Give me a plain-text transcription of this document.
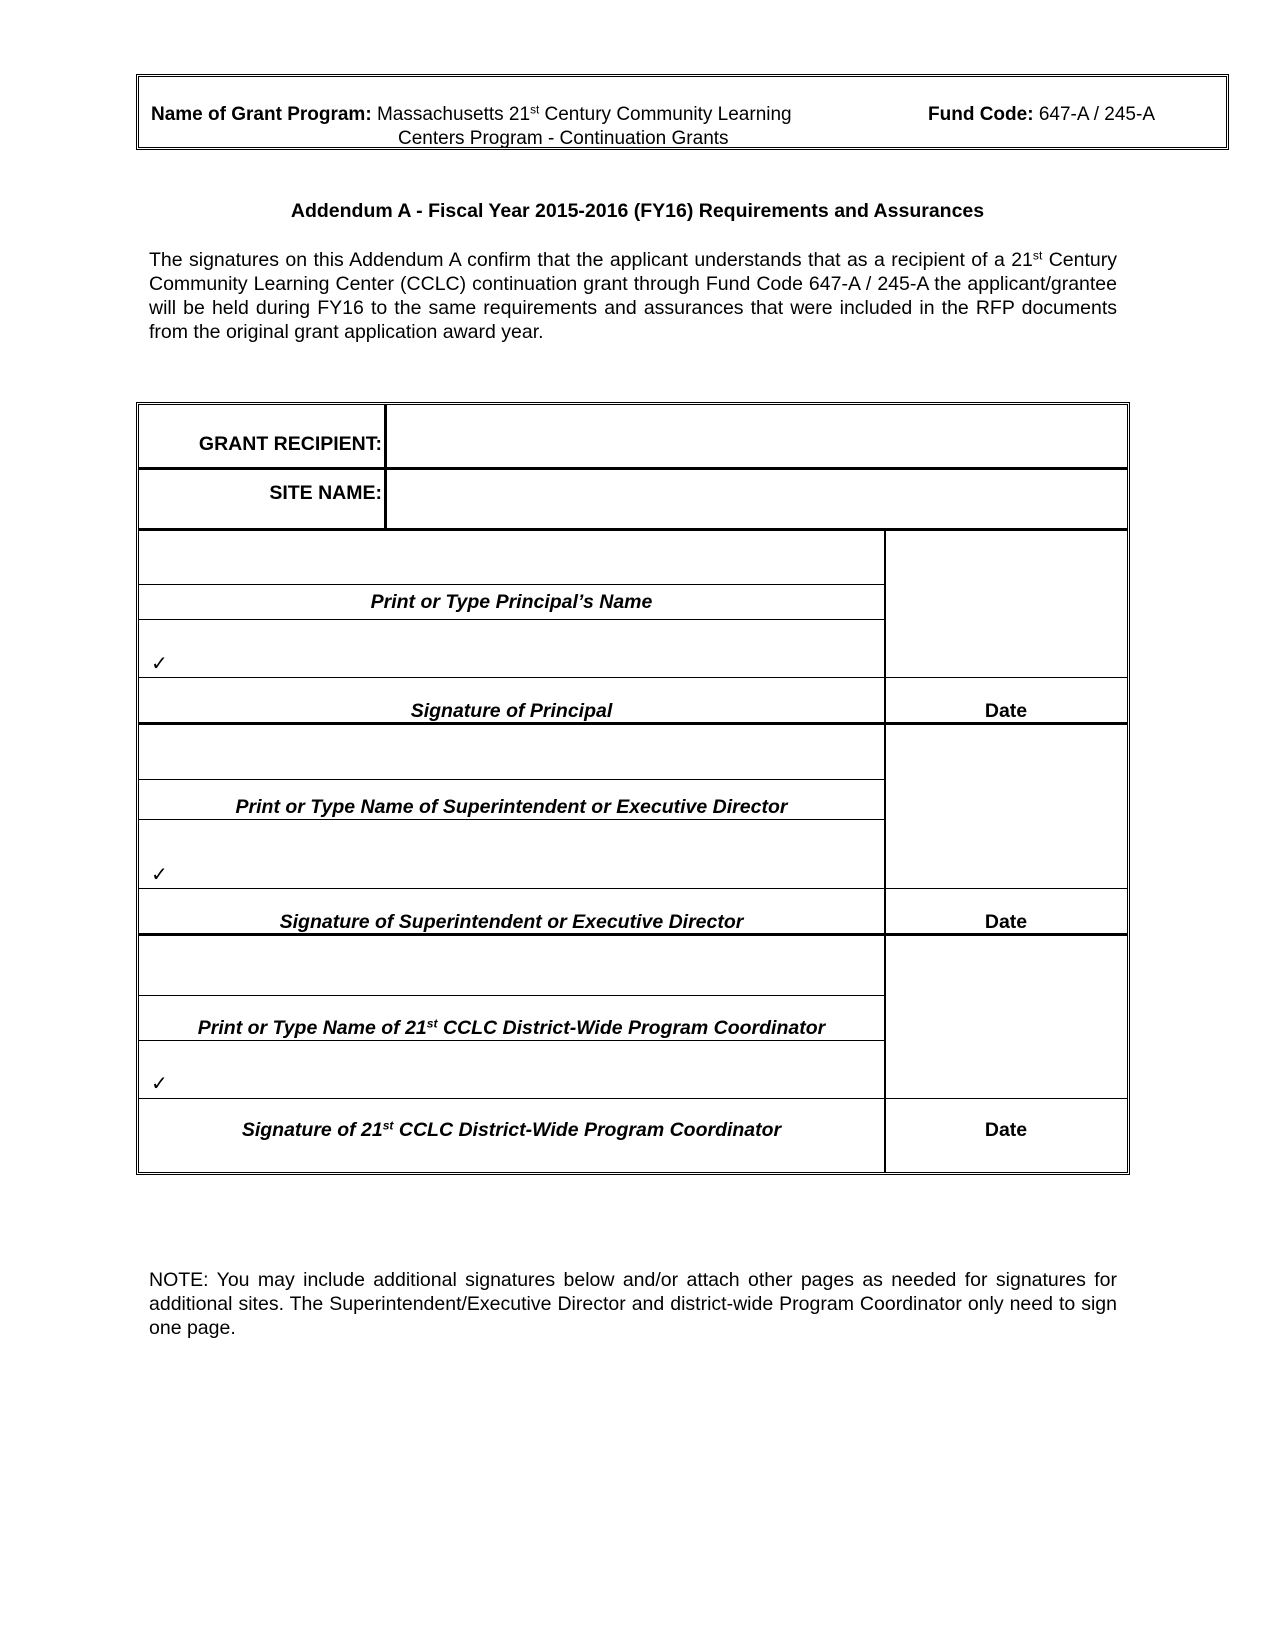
Name of Grant Program: Massachusetts 21st Century Community Learning
Centers Program - Continuation Grants
Fund Code: 647-A / 245-A
Addendum A - Fiscal Year 2015-2016 (FY16) Requirements and Assurances
The signatures on this Addendum A confirm that the applicant understands that as a recipient of a 21st Century Community Learning Center (CCLC) continuation grant through Fund Code 647-A / 245-A the applicant/grantee will be held during FY16 to the same requirements and assurances that were included in the RFP documents from the original grant application award year.
GRANT RECIPIENT:
SITE NAME:
Print or Type Principal’s Name
✓
Signature of Principal	Date
Print or Type Name of Superintendent or Executive Director
✓
Signature of Superintendent or Executive Director	Date
Print or Type Name of 21st CCLC District-Wide Program Coordinator
✓
Signature of 21st CCLC District-Wide Program Coordinator	Date
NOTE: You may include additional signatures below and/or attach other pages as needed for signatures for additional sites. The Superintendent/Executive Director and district-wide Program Coordinator only need to sign one page.
